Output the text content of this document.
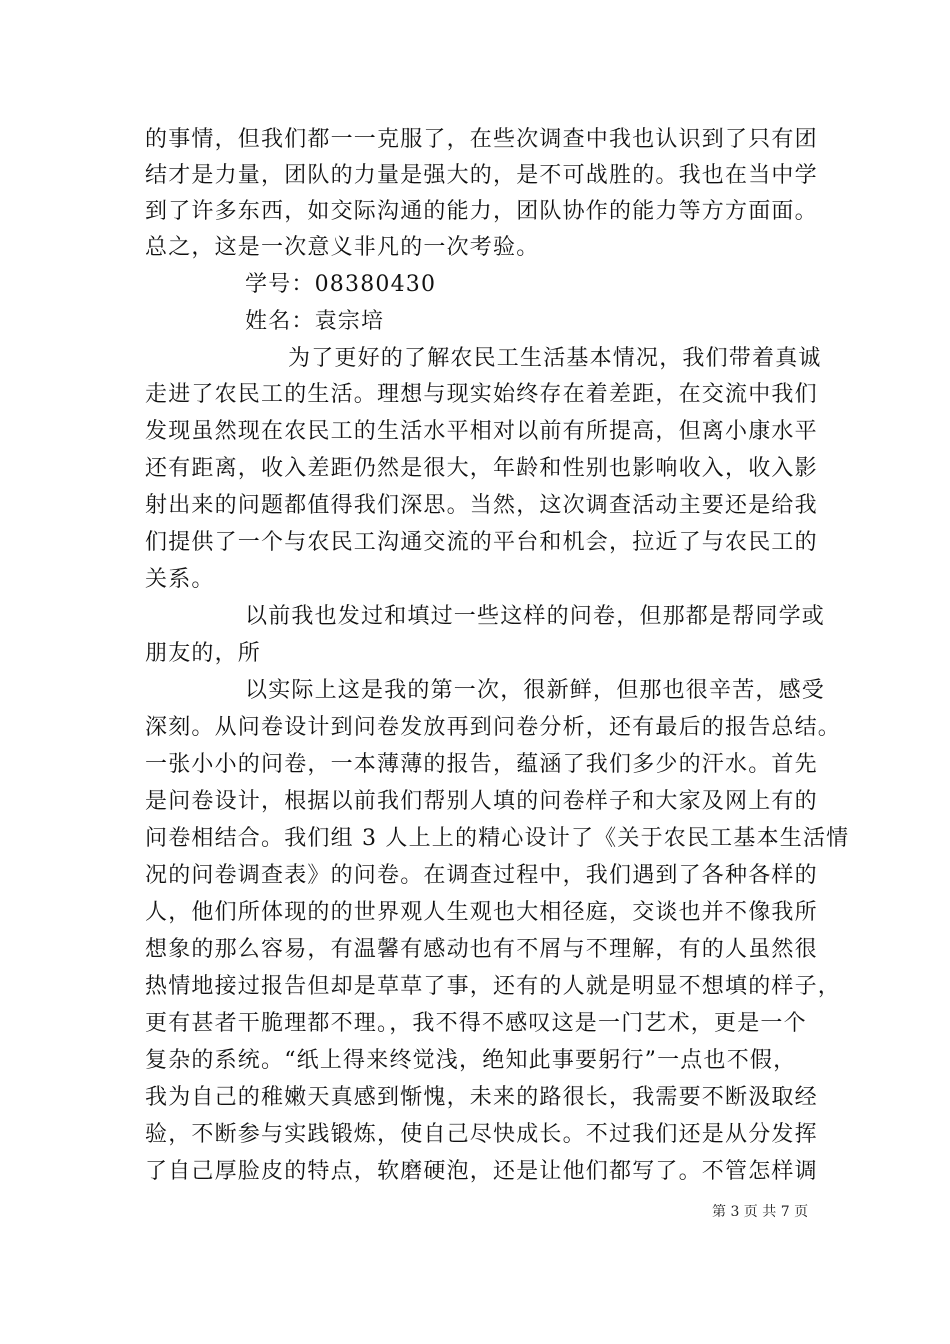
的事情，但我们都一一克服了，在些次调查中我也认识到了只有团
结才是力量，团队的力量是强大的，是不可战胜的。我也在当中学
到了许多东西，如交际沟通的能力，团队协作的能力等方方面面。
总之，这是一次意义非凡的一次考验。
学号：08380430
姓名：袁宗培
为了更好的了解农民工生活基本情况，我们带着真诚
走进了农民工的生活。理想与现实始终存在着差距，在交流中我们
发现虽然现在农民工的生活水平相对以前有所提高，但离小康水平
还有距离，收入差距仍然是很大，年龄和性别也影响收入，收入影
射出来的问题都值得我们深思。当然，这次调查活动主要还是给我
们提供了一个与农民工沟通交流的平台和机会，拉近了与农民工的
关系。
以前我也发过和填过一些这样的问卷，但那都是帮同学或
朋友的，所
以实际上这是我的第一次，很新鲜，但那也很辛苦，感受
深刻。从问卷设计到问卷发放再到问卷分析，还有最后的报告总结。
一张小小的问卷，一本薄薄的报告，蕴涵了我们多少的汗水。首先
是问卷设计，根据以前我们帮别人填的问卷样子和大家及网上有的
问卷相结合。我们组 3 人上上的精心设计了《关于农民工基本生活情
况的问卷调查表》的问卷。在调查过程中，我们遇到了各种各样的
人，他们所体现的的世界观人生观也大相径庭，交谈也并不像我所
想象的那么容易，有温馨有感动也有不屑与不理解，有的人虽然很
热情地接过报告但却是草草了事，还有的人就是明显不想填的样子，
更有甚者干脆理都不理。，我不得不感叹这是一门艺术，更是一个
复杂的系统。“纸上得来终觉浅，绝知此事要躬行”一点也不假，
我为自己的稚嫩天真感到惭愧，未来的路很长，我需要不断汲取经
验，不断参与实践锻炼，使自己尽快成长。不过我们还是从分发挥
了自己厚脸皮的特点，软磨硬泡，还是让他们都写了。不管怎样调
第 3 页 共 7 页
